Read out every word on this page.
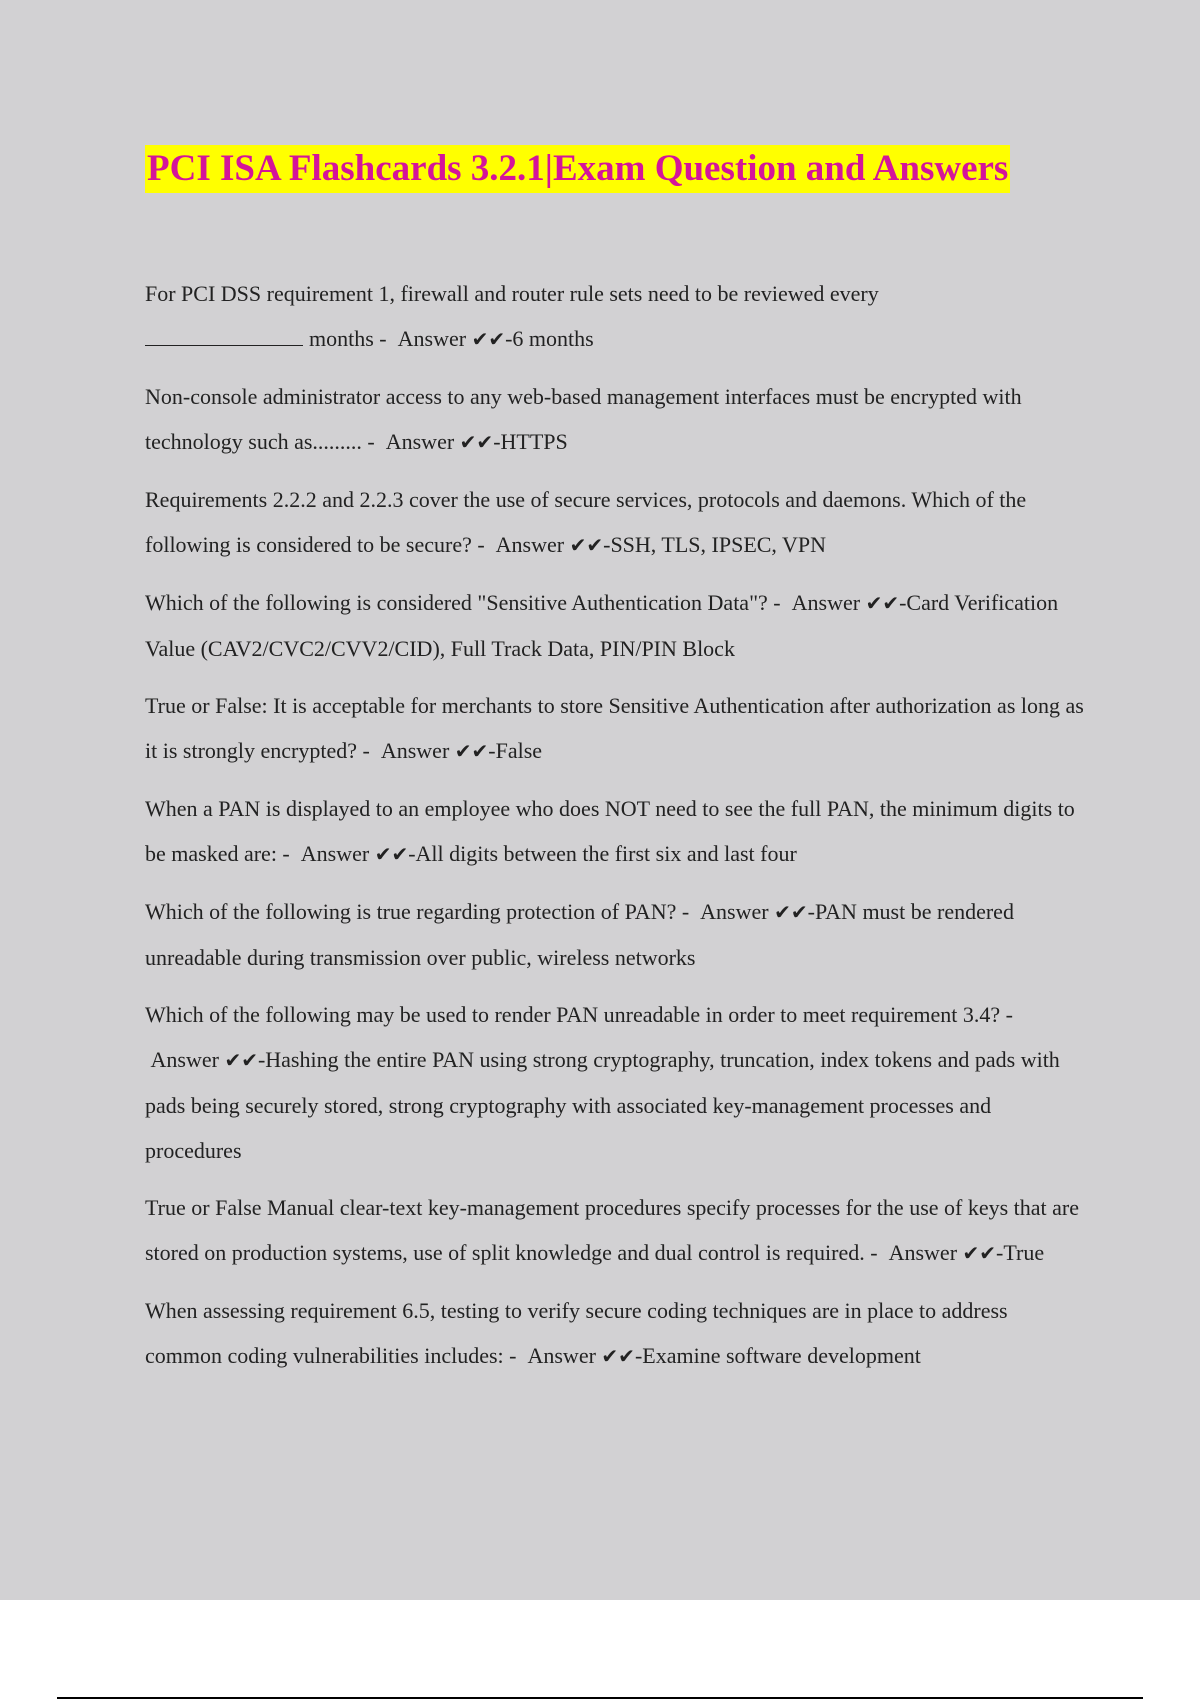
PCI ISA Flashcards 3.2.1|Exam Question and Answers

For PCI DSS requirement 1, firewall and router rule sets need to be reviewed every
months - Answer ✔✔-6 months

Non-console administrator access to any web-based management interfaces must be encrypted with technology such as......... - Answer ✔✔-HTTPS

Requirements 2.2.2 and 2.2.3 cover the use of secure services, protocols and daemons. Which of the following is considered to be secure? - Answer ✔✔-SSH, TLS, IPSEC, VPN

Which of the following is considered "Sensitive Authentication Data"? - Answer ✔✔-Card Verification Value (CAV2/CVC2/CVV2/CID), Full Track Data, PIN/PIN Block

True or False: It is acceptable for merchants to store Sensitive Authentication after authorization as long as it is strongly encrypted? - Answer ✔✔-False

When a PAN is displayed to an employee who does NOT need to see the full PAN, the minimum digits to be masked are: - Answer ✔✔-All digits between the first six and last four

Which of the following is true regarding protection of PAN? - Answer ✔✔-PAN must be rendered unreadable during transmission over public, wireless networks

Which of the following may be used to render PAN unreadable in order to meet requirement 3.4? -  Answer ✔✔-Hashing the entire PAN using strong cryptography, truncation, index tokens and pads with pads being securely stored, strong cryptography with associated key-management processes and procedures

True or False Manual clear-text key-management procedures specify processes for the use of keys that are stored on production systems, use of split knowledge and dual control is required. - Answer ✔✔-True

When assessing requirement 6.5, testing to verify secure coding techniques are in place to address common coding vulnerabilities includes: - Answer ✔✔-Examine software development
